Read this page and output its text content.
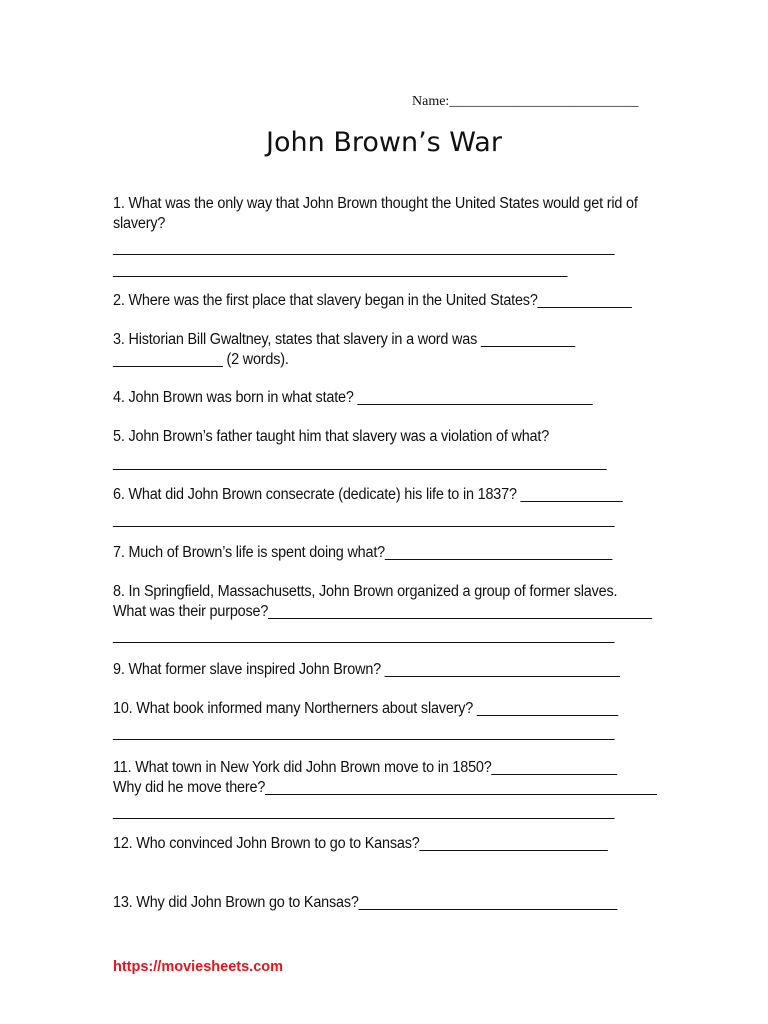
Name:___________________________
John Brown’s War
1. What was the only way that John Brown thought the United States would get rid of
slavery?
________________________________________________________________
__________________________________________________________
2. Where was the first place that slavery began in the United States?____________
3. Historian Bill Gwaltney, states that slavery in a word was ____________
______________ (2 words).
4. John Brown was born in what state? ______________________________
5. John Brown’s father taught him that slavery was a violation of what?
_______________________________________________________________
6. What did John Brown consecrate (dedicate) his life to in 1837? _____________
________________________________________________________________
7. Much of Brown’s life is spent doing what?_____________________________
8. In Springfield, Massachusetts, John Brown organized a group of former slaves.
What was their purpose?_________________________________________________
________________________________________________________________
9. What former slave inspired John Brown? ______________________________
10. What book informed many Northerners about slavery? __________________
________________________________________________________________
11. What town in New York did John Brown move to in 1850?________________
Why did he move there?__________________________________________________
________________________________________________________________
12. Who convinced John Brown to go to Kansas?________________________
13. Why did John Brown go to Kansas?_________________________________
https://moviesheets.com
